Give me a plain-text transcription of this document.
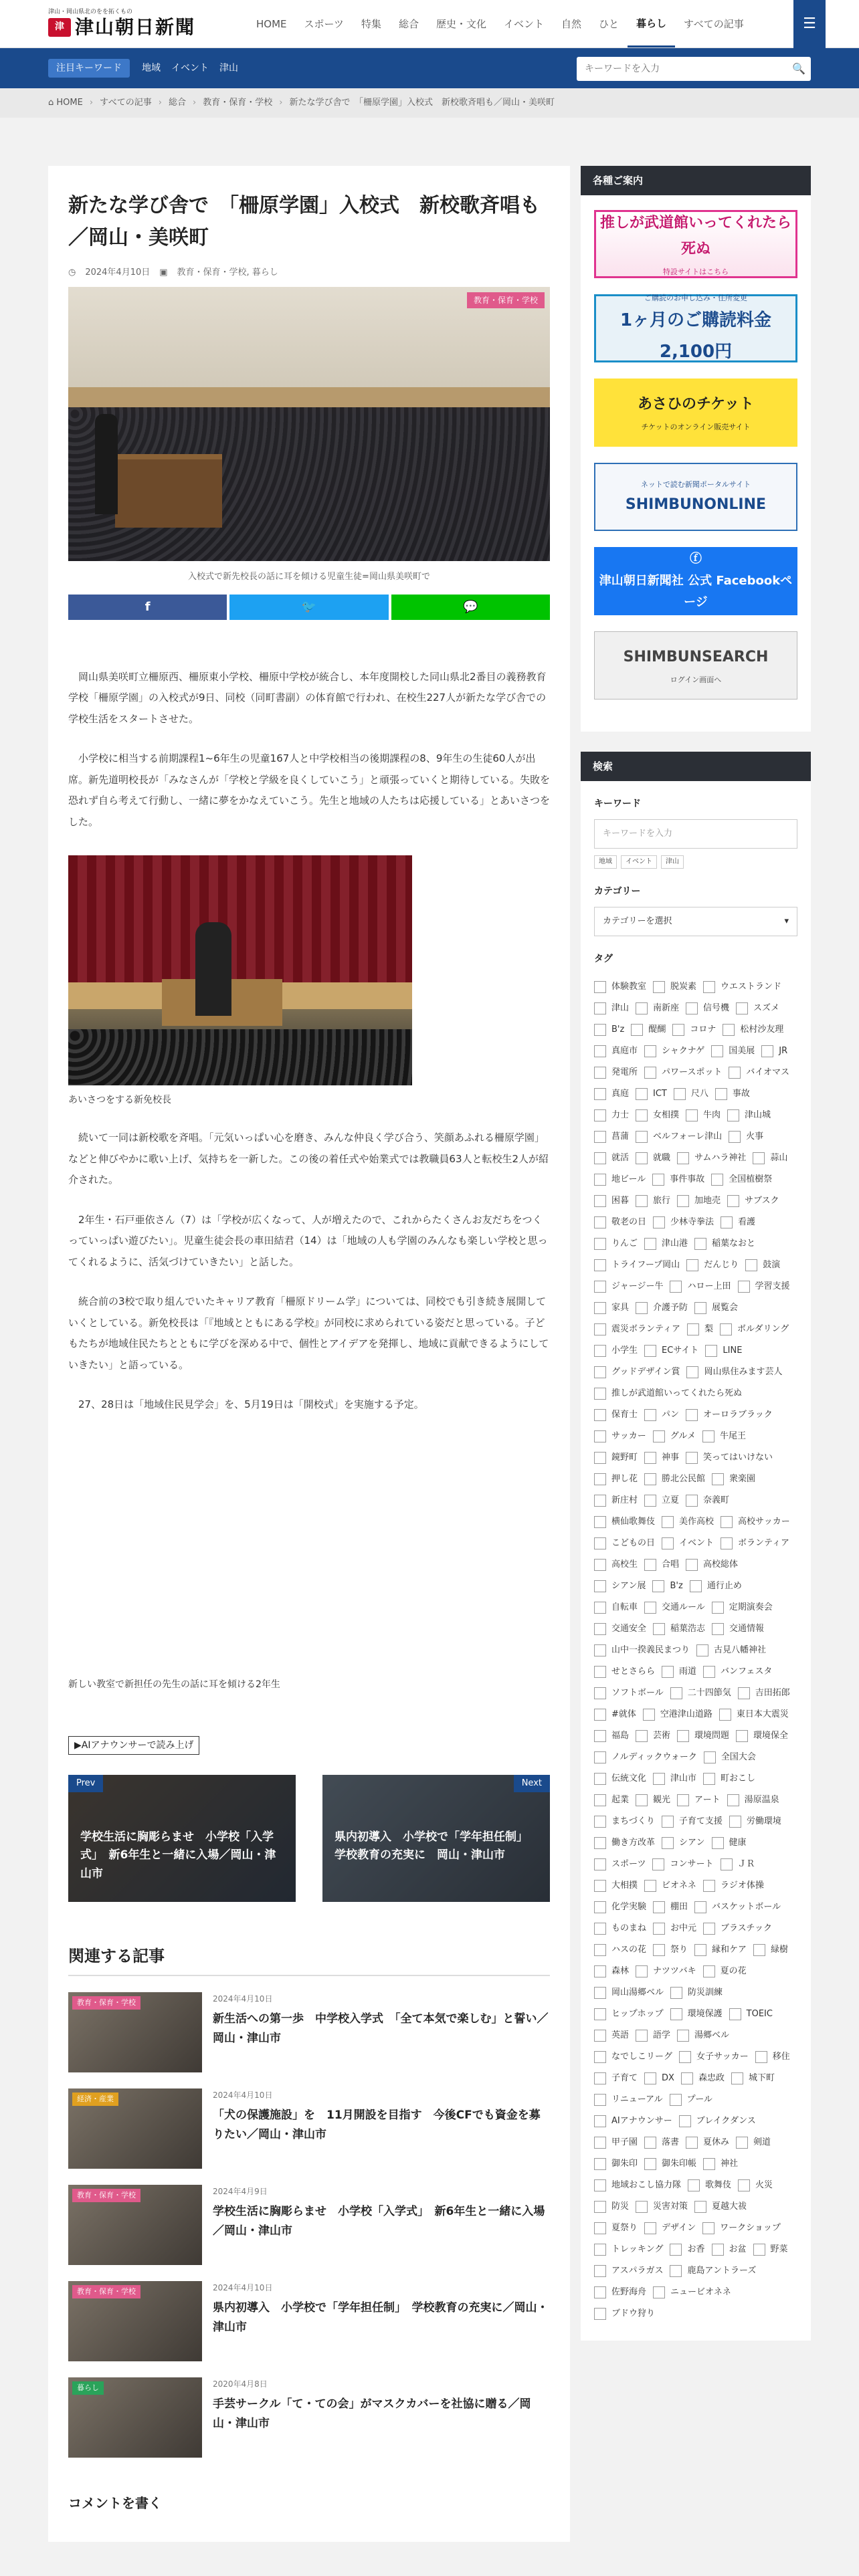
津山・岡山県北のをを拓くもの
津 津山朝日新聞	HOME	スポーツ	特集	総合	歴史・文化	イベント	自然	ひと	暮らし	すべての記事	☰
注目キーワード	地域 イベント 津山
キーワードを入力	🔍
⌂ HOME › すべての記事 › 総合 › 教育・保育・学校 › 新たな学び舎で　「柵原学園」入校式　新校歌斉唱も／岡山・美咲町
新たな学び舎で　「柵原学園」入校式　新校歌斉唱も／岡山・美咲町
◷ 2024年4月10日 ▣ 教育・保育・学校, 暮らし
教育・保育・学校
入校式で新先校長の話に耳を傾ける児童生徒=岡山県美咲町で
f	🐦	💬

岡山県美咲町立柵原西、柵原東小学校、柵原中学校が統合し、本年度開校した同山県北2番目の義務教育学校「柵原学園」の入校式が9日、同校（同町書副）の体育館で行われ、在校生227人が新たな学び舎での学校生活をスタートさせた。

小学校に相当する前期課程1~6年生の児童167人と中学校相当の後期課程の8、9年生の生徒60人が出席。新先道明校長が「みなさんが「学校と学級を良くしていこう」と頑張っていくと期待している。失敗を恐れず自ら考えて行動し、一緒に夢をかなえていこう。先生と地域の人たちは応援している」とあいさつをした。

あいさつをする新免校長

続いて一同は新校歌を斉唱。「元気いっぱい心を磨き、みんな仲良く学び合う、笑顔あふれる柵原学園」などと伸びやかに歌い上げ、気持ちを一新した。この後の着任式や始業式では教職員63人と転校生2人が紹介された。

2年生・石戸亜依さん（7）は「学校が広くなって、人が増えたので、これからたくさんお友だちをつくっていっぱい遊びたい」。児童生徒会長の車田結君（14）は「地域の人も学園のみんなも楽しい学校と思ってくれるように、活気づけていきたい」と話した。

統合前の3校で取り組んでいたキャリア教育「柵原ドリーム学」については、同校でも引き続き展開していくとしている。新免校長は「『地域とともにある学校』が同校に求められている姿だと思っている。子どもたちが地域住民たちとともに学びを深める中で、個性とアイデアを発揮し、地域に貢献できるようにしていきたい」と語っている。

27、28日は「地域住民見学会」を、5月19日は「開校式」を実施する予定。

新しい教室で新担任の先生の話に耳を傾ける2年生
▶AIアナウンサーで読み上げ
Prev
学校生活に胸彫らませ　小学校「入学式」　新6年生と一緒に入場／岡山・津山市
Next
県内初導入　小学校で「学年担任制」　学校教育の充実に　岡山・津山市
関連する記事
教育・保育・学校	2024年4月10日
新生活への第一歩　中学校入学式　「全て本気で楽しむ」と誓い／岡山・津山市
経済・産業	2024年4月10日
「犬の保護施設」を　11月開設を目指す　今後CFでも資金を募りたい／岡山・津山市
教育・保育・学校	2024年4月9日
学校生活に胸彫らませ　小学校「入学式」　新6年生と一緒に入場／岡山・津山市
教育・保育・学校	2024年4月10日
県内初導入　小学校で「学年担任制」　学校教育の充実に／岡山・津山市
暮らし	2020年4月8日
手芸サークル「て・ての会」がマスクカバーを社協に贈る／岡山・津山市
コメントを書く
各種ご案内
推しが武道館いってくれたら死ぬ
特設サイトはこちら
ご購読のお申し込み・住所変更
1ヶ月のご購読料金 2,100円
あさひのチケット
チケットのオンライン販売サイト
ネットで読む新聞ポータルサイト
SHIMBUNONLINE
ⓕ
津山朝日新聞社 公式 Facebookページ
SHIMBUNSEARCH
ログイン画面へ
検索
キーワード
キーワードを入力
地域	イベント	津山
カテゴリー
カテゴリーを選択 ▾
タグ
体験教室	脱炭素	ウエストランド
津山	南新座	信号機	スズメ
B'z	醍醐	コロナ	松村沙友理
真庭市	シャクナゲ	国美展	JR
発電所	パワースポット	バイオマス
真庭	ICT	尺八	事故
力士	女相撲	牛肉	津山城
菖蒲	ベルフォーレ津山	火事
就活	就職	サムハラ神社	蒜山
地ビール	事件事故	全国植樹祭
困暮	旅行	加地売	サブスク
敬老の日	少林寺拳法	看護
りんご	津山港	稲葉なおと
トライフープ岡山	だんじり	鼓演
ジャージー牛	ハロー上田	学習支援
家具	介護予防	展覧会
震災ボランティア	梨	ボルダリング
小学生	ECサイト	LINE
グッドデザイン賞	岡山県住みます芸人
推しが武道館いってくれたら死ぬ
保育士	パン	オーロラブラック
サッカー	グルメ	牛尾王
鏡野町	神事	笑ってはいけない
押し花	勝北公民館	衆楽園
新庄村	立夏	奈義町
横仙歌舞伎	美作高校	高校サッカー
こどもの日	イベント	ボランティア
高校生	合唱	高校総体
シアン展	B'z	通行止め
自転車	交通ルール	定期演奏会
交通安全	稲葉浩志	交通情報
山中一揆義民まつり	古見八幡神社
せとさらら	雨道	バンフェスタ
ソフトボール	二十四節気	吉田拓郎
#就体	空港津山道路	東日本大震災
福島	芸術	環境問題	環境保全
ノルディックウォーク	全国大会
伝統文化	津山市	町おこし
起業	観光	アート	湯原温泉
まちづくり	子育て支援	労働環境
働き方改革	シアン	健康
スポーツ	コンサート	ＪＲ
大相撲	ビオネネ	ラジオ体操
化学実験	棚田	バスケットボール
ものまね	お中元	ブラスチック
ハスの花	祭り	縁和ケア	緑樹
森林	ナツツバキ	夏の花
岡山湯郷ベル	防災訓練
ヒップホップ	環境保護	TOEIC
英語	語学	湯郷ベル
なでしこリーグ	女子サッカー	移住
子育て	DX	森忠政	城下町
リニューアル	プール
AIアナウンサー	ブレイクダンス
甲子園	落書	夏休み	剣道
御朱印	御朱印帳	神社
地域おこし協力隊	歌舞伎	火災
防災	災害対策	夏越大祓
夏祭り	デザイン	ワークショップ
トレッキング	お香	お盆	野菜
アスパラガス	鹿島アントラーズ
佐野海舟	ニュービオネネ
ブドウ狩り
